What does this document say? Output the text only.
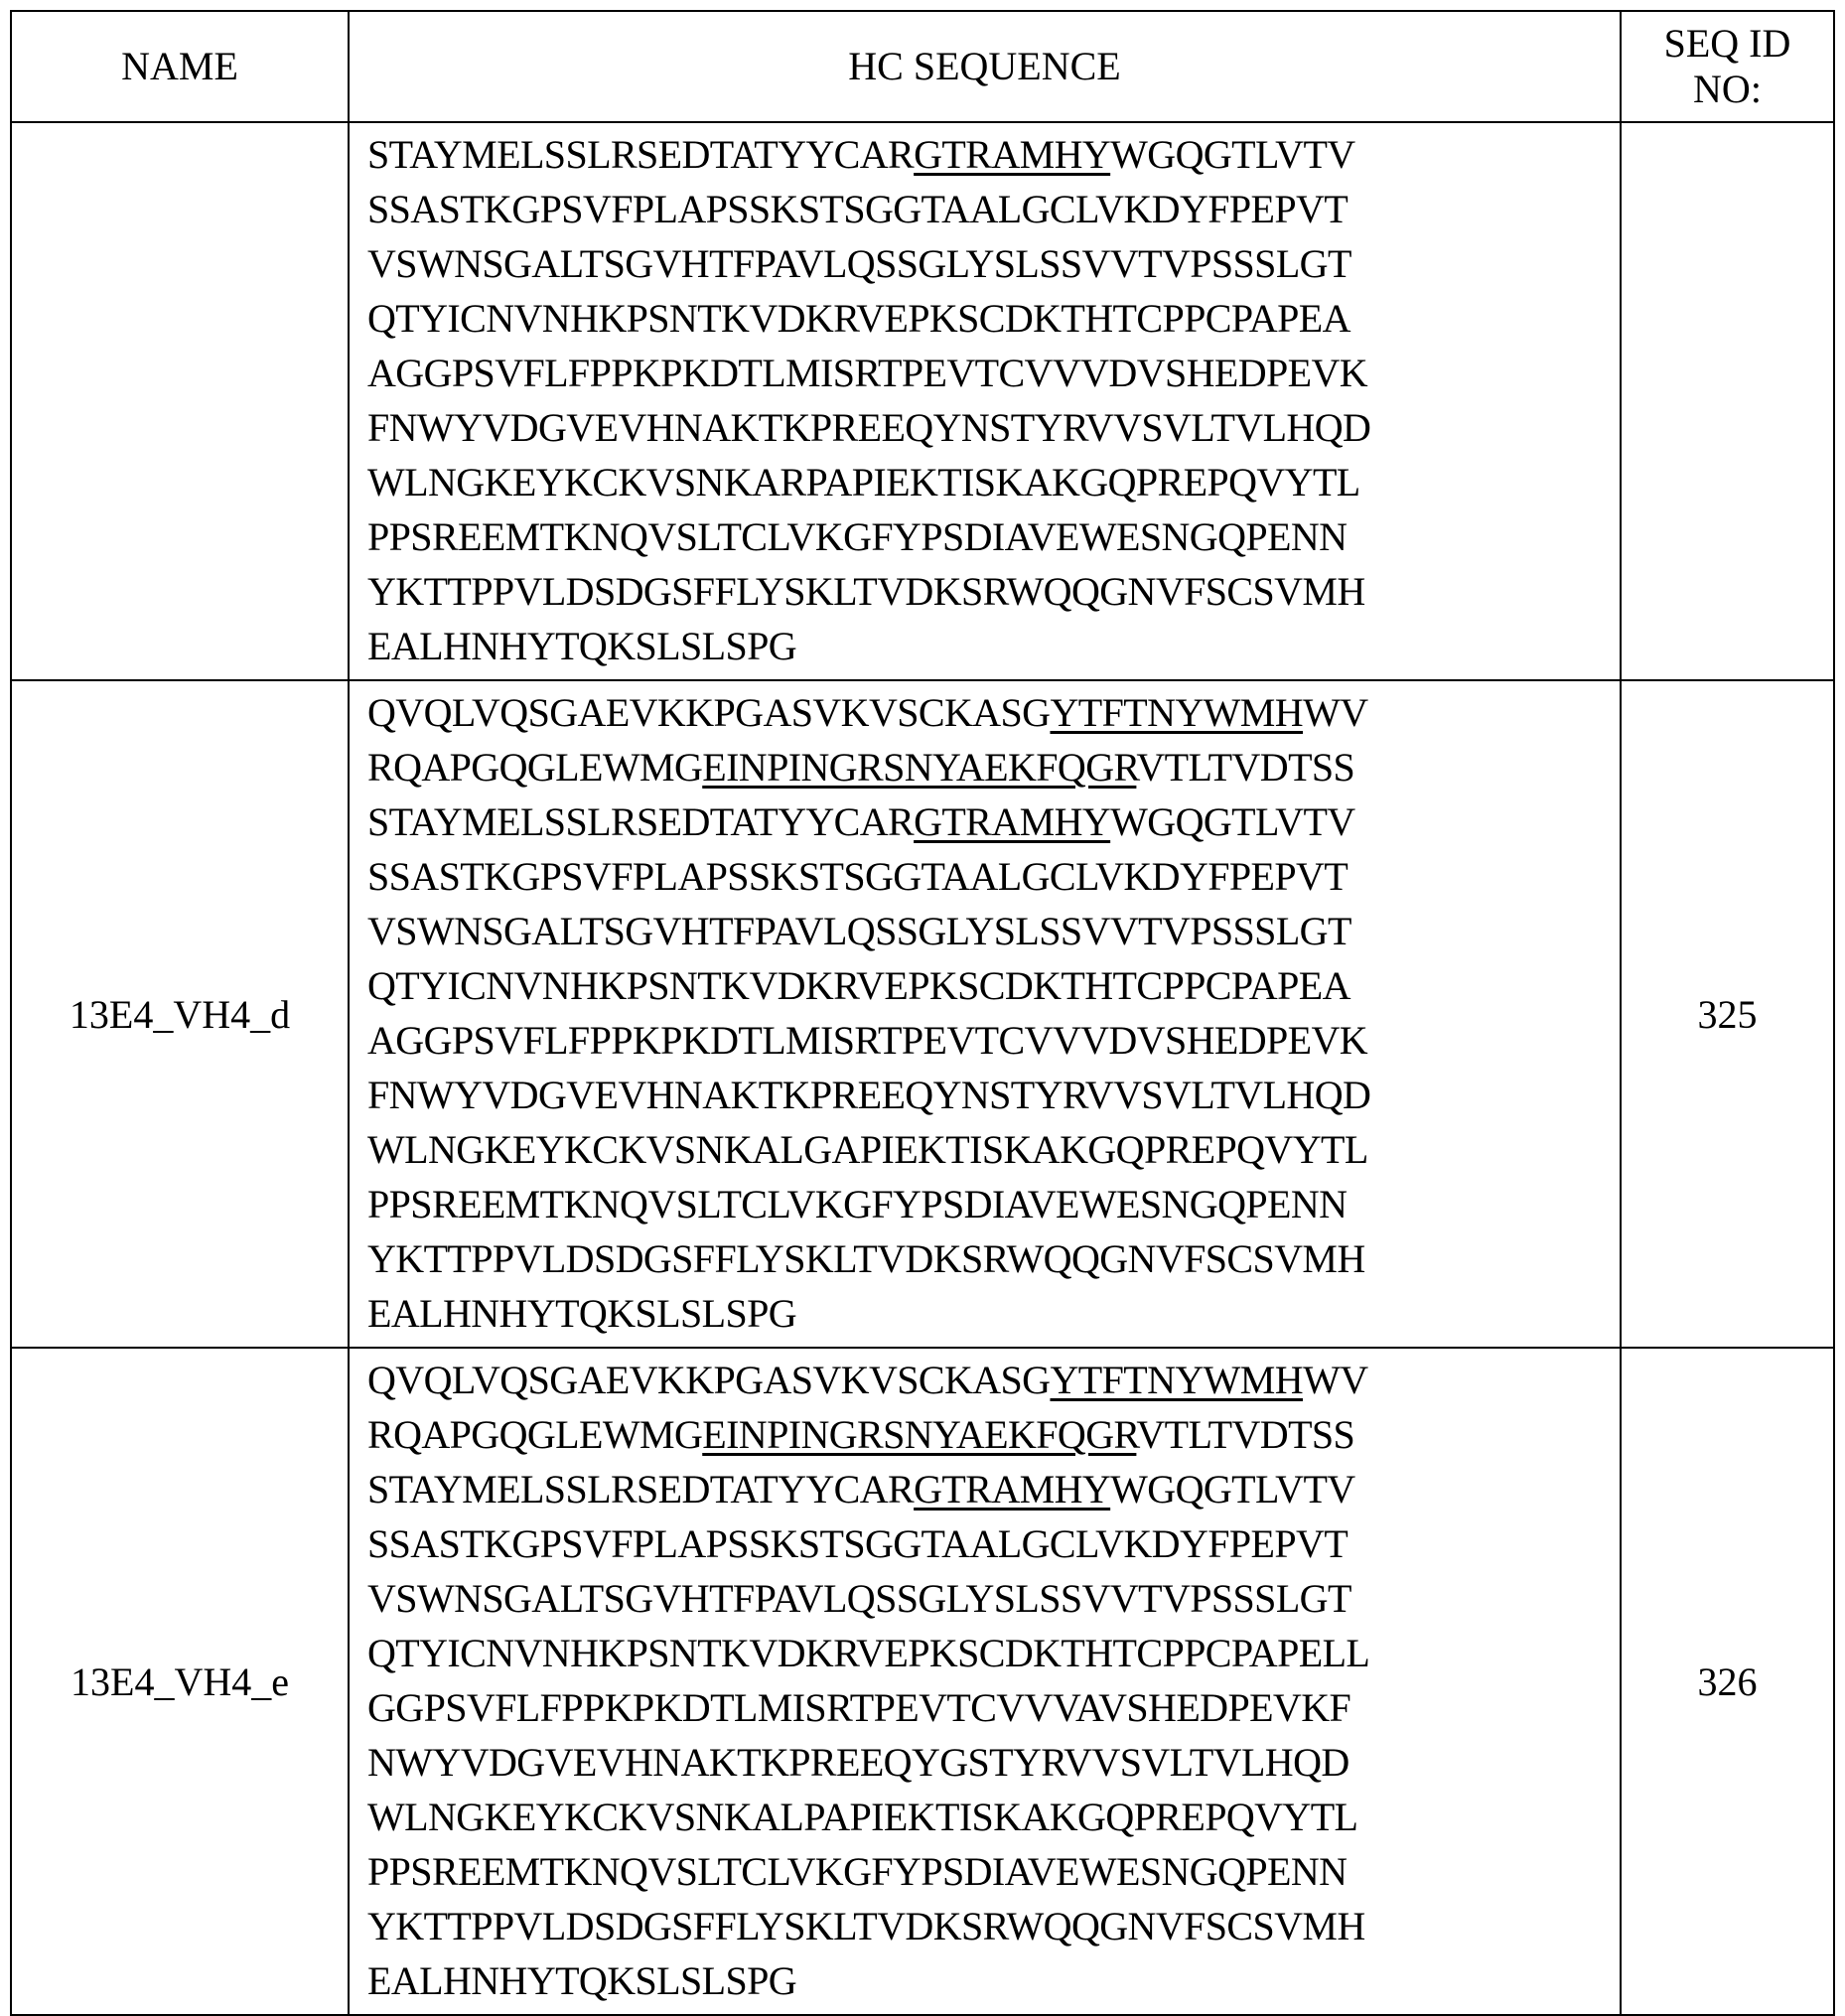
NAME	HC SEQUENCE	SEQ ID NO:

STAYMELSSLRSEDTATYYCARGTRAMHYWGQGTLVTV
SSASTKGPSVFPLAPSSKSTSGGTAALGCLVKDYFPEPVT
VSWNSGALTSGVHTFPAVLQSSGLYSLSSVVTVPSSSLGT
QTYICNVNHKPSNTKVDKRVEPKSCDKTHTCPPCPAPEA
AGGPSVFLFPPKPKDTLMISRTPEVTCVVVDVSHEDPEVK
FNWYVDGVEVHNAKTKPREEQYNSTYRVVSVLTVLHQD
WLNGKEYKCKVSNKARPAPIEKTISKAKGQPREPQVYTL
PPSREEMTKNQVSLTCLVKGFYPSDIAVEWESNGQPENN
YKTTPPVLDSDGSFFLYSKLTVDKSRWQQGNVFSCSVMH
EALHNHYTQKSLSLSPG

13E4_VH4_d	
QVQLVQSGAEVKKPGASVKVSCKASGYTFTNYWMHWV
RQAPGQGLEWMGEINPINGRSNYAEKFQGRVTLTVDTSS
STAYMELSSLRSEDTATYYCARGTRAMHYWGQGTLVTV
SSASTKGPSVFPLAPSSKSTSGGTAALGCLVKDYFPEPVT
VSWNSGALTSGVHTFPAVLQSSGLYSLSSVVTVPSSSLGT
QTYICNVNHKPSNTKVDKRVEPKSCDKTHTCPPCPAPEA
AGGPSVFLFPPKPKDTLMISRTPEVTCVVVDVSHEDPEVK
FNWYVDGVEVHNAKTKPREEQYNSTYRVVSVLTVLHQD
WLNGKEYKCKVSNKALGAPIEKTISKAKGQPREPQVYTL
PPSREEMTKNQVSLTCLVKGFYPSDIAVEWESNGQPENN
YKTTPPVLDSDGSFFLYSKLTVDKSRWQQGNVFSCSVMH
EALHNHYTQKSLSLSPG
	325
13E4_VH4_e	
QVQLVQSGAEVKKPGASVKVSCKASGYTFTNYWMHWV
RQAPGQGLEWMGEINPINGRSNYAEKFQGRVTLTVDTSS
STAYMELSSLRSEDTATYYCARGTRAMHYWGQGTLVTV
SSASTKGPSVFPLAPSSKSTSGGTAALGCLVKDYFPEPVT
VSWNSGALTSGVHTFPAVLQSSGLYSLSSVVTVPSSSLGT
QTYICNVNHKPSNTKVDKRVEPKSCDKTHTCPPCPAPELL
GGPSVFLFPPKPKDTLMISRTPEVTCVVVAVSHEDPEVKF
NWYVDGVEVHNAKTKPREEQYGSTYRVVSVLTVLHQD
WLNGKEYKCKVSNKALPAPIEKTISKAKGQPREPQVYTL
PPSREEMTKNQVSLTCLVKGFYPSDIAVEWESNGQPENN
YKTTPPVLDSDGSFFLYSKLTVDKSRWQQGNVFSCSVMH
EALHNHYTQKSLSLSPG
	326
